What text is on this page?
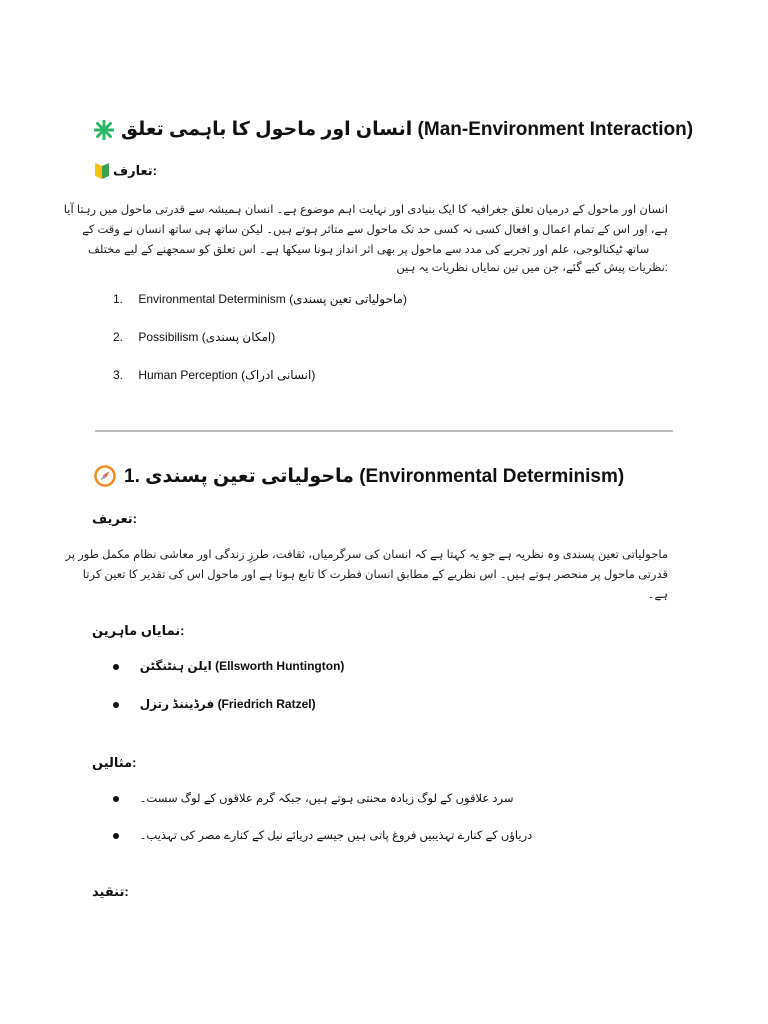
انسان اور ماحول کا باہمی تعلق (Man-Environment Interaction)
:تعارف
انسان اور ماحول کے درمیان تعلق جغرافیہ کا ایک بنیادی اور نہایت اہم موضوع ہے۔ انسان ہمیشہ سے قدرتی ماحول میں رہتا آیا
ہے، اور اس کے تمام اعمال و افعال کسی نہ کسی حد تک ماحول سے متاثر ہوتے ہیں۔ لیکن ساتھ ہی ساتھ انسان نے وقت کے
ساتھ ٹیکنالوجی، علم اور تجربے کی مدد سے ماحول پر بھی اثر انداز ہونا سیکھا ہے۔ اس تعلق کو سمجھنے کے لیے مختلف
:نظریات پیش کیے گئے، جن میں تین نمایاں نظریات یہ ہیں
1. Environmental Determinism (ماحولیاتی تعین پسندی)
2. Possibilism (امکان پسندی)
3. Human Perception (انسانی ادراک)
1. ماحولیاتی تعین پسندی (Environmental Determinism)
:تعریف
ماحولیاتی تعین پسندی وہ نظریہ ہے جو یہ کہتا ہے کہ انسان کی سرگرمیاں، ثقافت، طرزِ زندگی اور معاشی نظام مکمل طور پر
قدرتی ماحول پر منحصر ہوتے ہیں۔ اس نظریے کے مطابق انسان فطرت کا تابع ہوتا ہے اور ماحول اس کی تقدیر کا تعین کرتا
ہے۔
:نمایاں ماہرین
ایلن ہنٹنگٹن (Ellsworth Huntington)
فرڈیننڈ رتزل (Friedrich Ratzel)
:مثالیں
سرد علاقوں کے لوگ زیادہ محنتی ہوتے ہیں، جبکہ گرم علاقوں کے لوگ سست۔
دریاؤں کے کنارے تہذیبیں فروغ پاتی ہیں جیسے دریائے نیل کے کنارے مصر کی تہذیب۔
:تنقید
